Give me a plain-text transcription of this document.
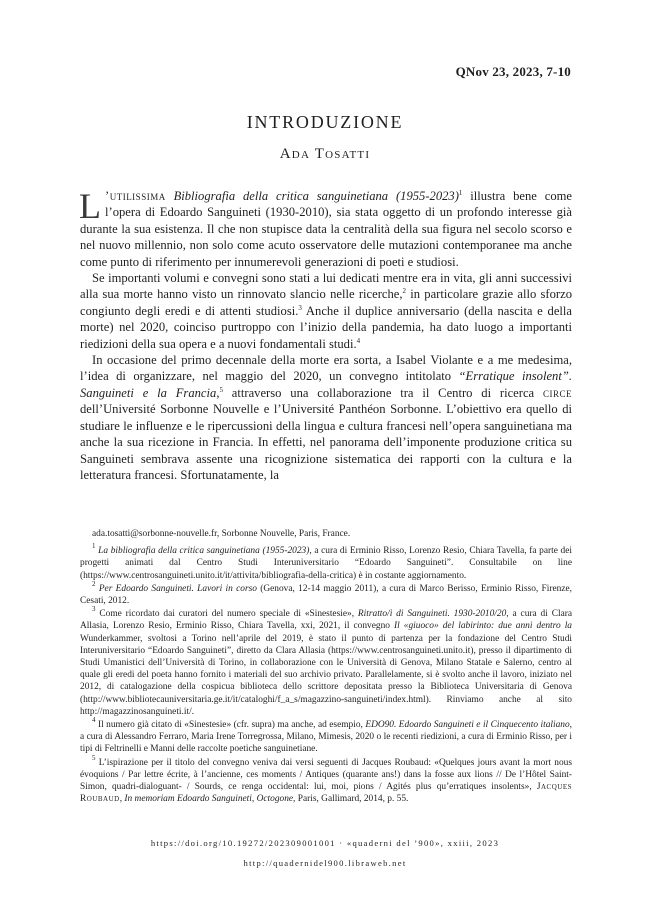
QNov 23, 2023, 7-10
INTRODUZIONE
Ada Tosatti

L ’utilissima Bibliografia della critica sanguinetiana (1955-2023)$^1$ illustra bene come l’opera di Edoardo Sanguineti (1930-2010), sia stata oggetto di un profondo interesse già durante la sua esistenza. Il che non stupisce data la centralità della sua figura nel secolo scorso e nel nuovo millennio, non solo come acuto osservatore delle mutazioni contemporanee ma anche come punto di riferimento per innumerevoli generazioni di poeti e studiosi.

Se importanti volumi e convegni sono stati a lui dedicati mentre era in vita, gli anni successivi alla sua morte hanno visto un rinnovato slancio nelle ricerche,$^2$ in particolare grazie allo sforzo congiunto degli eredi e di attenti studiosi.$^3$ Anche il duplice anniversario (della nascita e della morte) nel 2020, coinciso purtroppo con l’inizio della pandemia, ha dato luogo a importanti riedizioni della sua opera e a nuovi fondamentali studi.$^4$

In occasione del primo decennale della morte era sorta, a Isabel Violante e a me medesima, l’idea di organizzare, nel maggio del 2020, un convegno intitolato “Erratique insolent”. Sanguineti e la Francia,$^5$ attraverso una collaborazione tra il Centro di ricerca circe dell’Université Sorbonne Nouvelle e l’Université Panthéon Sorbonne. L’obiettivo era quello di studiare le influenze e le ripercussioni della lingua e cultura francesi nell’opera sanguinetiana ma anche la sua ricezione in Francia. In effetti, nel panorama dell’imponente produzione critica su Sanguineti sembrava assente una ricognizione sistematica dei rapporti con la cultura e la letteratura francesi. Sfortunatamente, la

ada.tosatti@sorbonne-nouvelle.fr, Sorbonne Nouvelle, Paris, France.
$^1$ La bibliografia della critica sanguinetiana (1955-2023), a cura di Erminio Risso, Lorenzo Resio, Chiara Tavella, fa parte dei progetti animati dal Centro Studi Interuniversitario “Edoardo Sanguineti”. Consultabile on line (https://www.centrosanguineti.unito.it/it/attivita/bibliografia-della-critica) è in costante aggiornamento.
$^2$ Per Edoardo Sanguineti. Lavori in corso (Genova, 12-14 maggio 2011), a cura di Marco Berisso, Erminio Risso, Firenze, Cesati, 2012.
$^3$ Come ricordato dai curatori del numero speciale di «Sinestesie», Ritratto/i di Sanguineti. 1930-2010/20, a cura di Clara Allasia, Lorenzo Resio, Erminio Risso, Chiara Tavella, xxi, 2021, il convegno Il «giuoco» del labirinto: due anni dentro la Wunderkammer, svoltosi a Torino nell’aprile del 2019, è stato il punto di partenza per la fondazione del Centro Studi Interuniversitario “Edoardo Sanguineti”, diretto da Clara Allasia (https://www.centrosanguineti.unito.it), presso il dipartimento di Studi Umanistici dell’Università di Torino, in collaborazione con le Università di Genova, Milano Statale e Salerno, centro al quale gli eredi del poeta hanno fornito i materiali del suo archivio privato. Parallelamente, si è svolto anche il lavoro, iniziato nel 2012, di catalogazione della cospicua biblioteca dello scrittore depositata presso la Biblioteca Universitaria di Genova (http://www.bibliotecauniversitaria.ge.it/it/cataloghi/f_a_s/magazzino-sanguineti/index.html). Rinviamo anche al sito http://magazzinosanguineti.it/.
$^4$ Il numero già citato di «Sinestesie» (cfr. supra) ma anche, ad esempio, EDO90. Edoardo Sanguineti e il Cinquecento italiano, a cura di Alessandro Ferraro, Maria Irene Torregrossa, Milano, Mimesis, 2020 o le recenti riedizioni, a cura di Erminio Risso, per i tipi di Feltrinelli e Manni delle raccolte poetiche sanguinetiane.
$^5$ L’ispirazione per il titolo del convegno veniva dai versi seguenti di Jacques Roubaud: «Quelques jours avant la mort nous évoquions / Par lettre écrite, à l’ancienne, ces moments / Antiques (quarante ans!) dans la fosse aux lions // De l’Hôtel Saint-Simon, quadri-dialoguant- / Sourds, ce renga occidental: lui, moi, pions / Agités plus qu’erratiques insolents», Jacques Roubaud, In memoriam Edoardo Sanguineti, Octogone, Paris, Gallimard, 2014, p. 55.
https://doi.org/10.19272/202309001001 · «quaderni del ’900», xxiii, 2023
http://quadernidel900.libraweb.net
